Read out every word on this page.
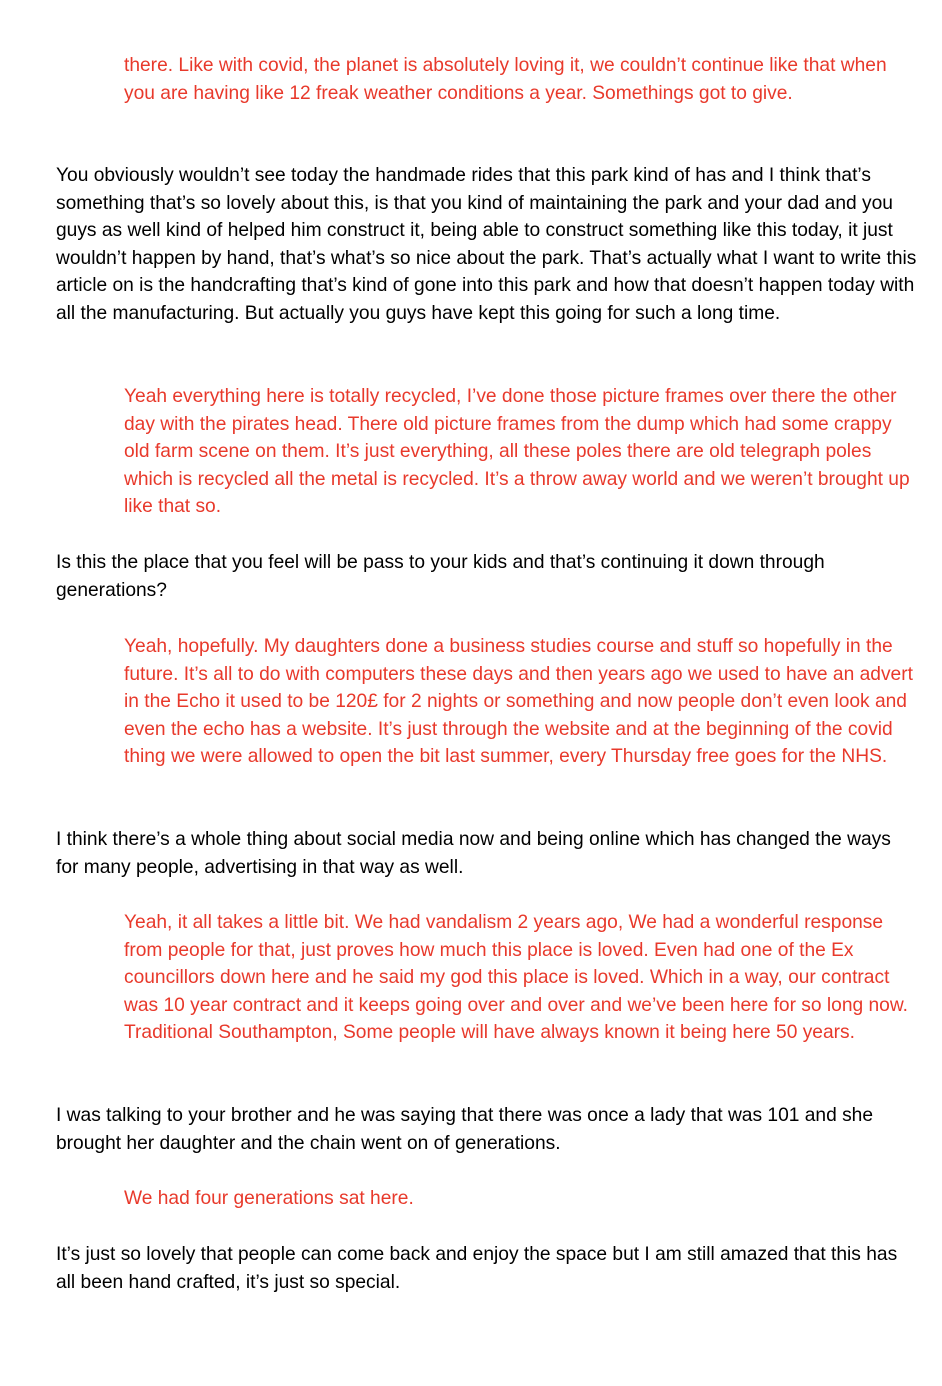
there. Like with covid, the planet is absolutely loving it, we couldn’t continue like that when you are having like 12 freak weather conditions a year. Somethings got to give.

You obviously wouldn’t see today the handmade rides that this park kind of has and I think that’s something that’s so lovely about this, is that you kind of maintaining the park and your dad and you guys as well kind of helped him construct it, being able to construct something like this today, it just wouldn’t happen by hand, that’s what’s so nice about the park. That’s actually what I want to write this article on is the handcrafting that’s kind of gone into this park and how that doesn’t happen today with all the manufacturing. But actually you guys have kept this going for such a long time.

Yeah everything here is totally recycled, I’ve done those picture frames over there the other day with the pirates head. There old picture frames from the dump which had some crappy old farm scene on them. It’s just everything, all these poles there are old telegraph poles which is recycled all the metal is recycled. It’s a throw away world and we weren’t brought up like that so.

Is this the place that you feel will be pass to your kids and that’s continuing it down through generations?

Yeah, hopefully. My daughters done a business studies course and stuff so hopefully in the future. It’s all to do with computers these days and then years ago we used to have an advert in the Echo it used to be 120£ for 2 nights or something and now people don’t even look and even the echo has a website. It’s just through the website and at the beginning of the covid thing we were allowed to open the bit last summer, every Thursday free goes for the NHS.

I think there’s a whole thing about social media now and being online which has changed the ways for many people, advertising in that way as well.

Yeah, it all takes a little bit. We had vandalism 2 years ago, We had a wonderful response from people for that, just proves how much this place is loved. Even had one of the Ex councillors down here and he said my god this place is loved. Which in a way, our contract was 10 year contract and it keeps going over and over and we’ve been here for so long now. Traditional Southampton, Some people will have always known it being here 50 years.

I was talking to your brother and he was saying that there was once a lady that was 101 and she brought her daughter and the chain went on of generations.

We had four generations sat here.

It’s just so lovely that people can come back and enjoy the space but I am still amazed that this has all been hand crafted, it’s just so special.
